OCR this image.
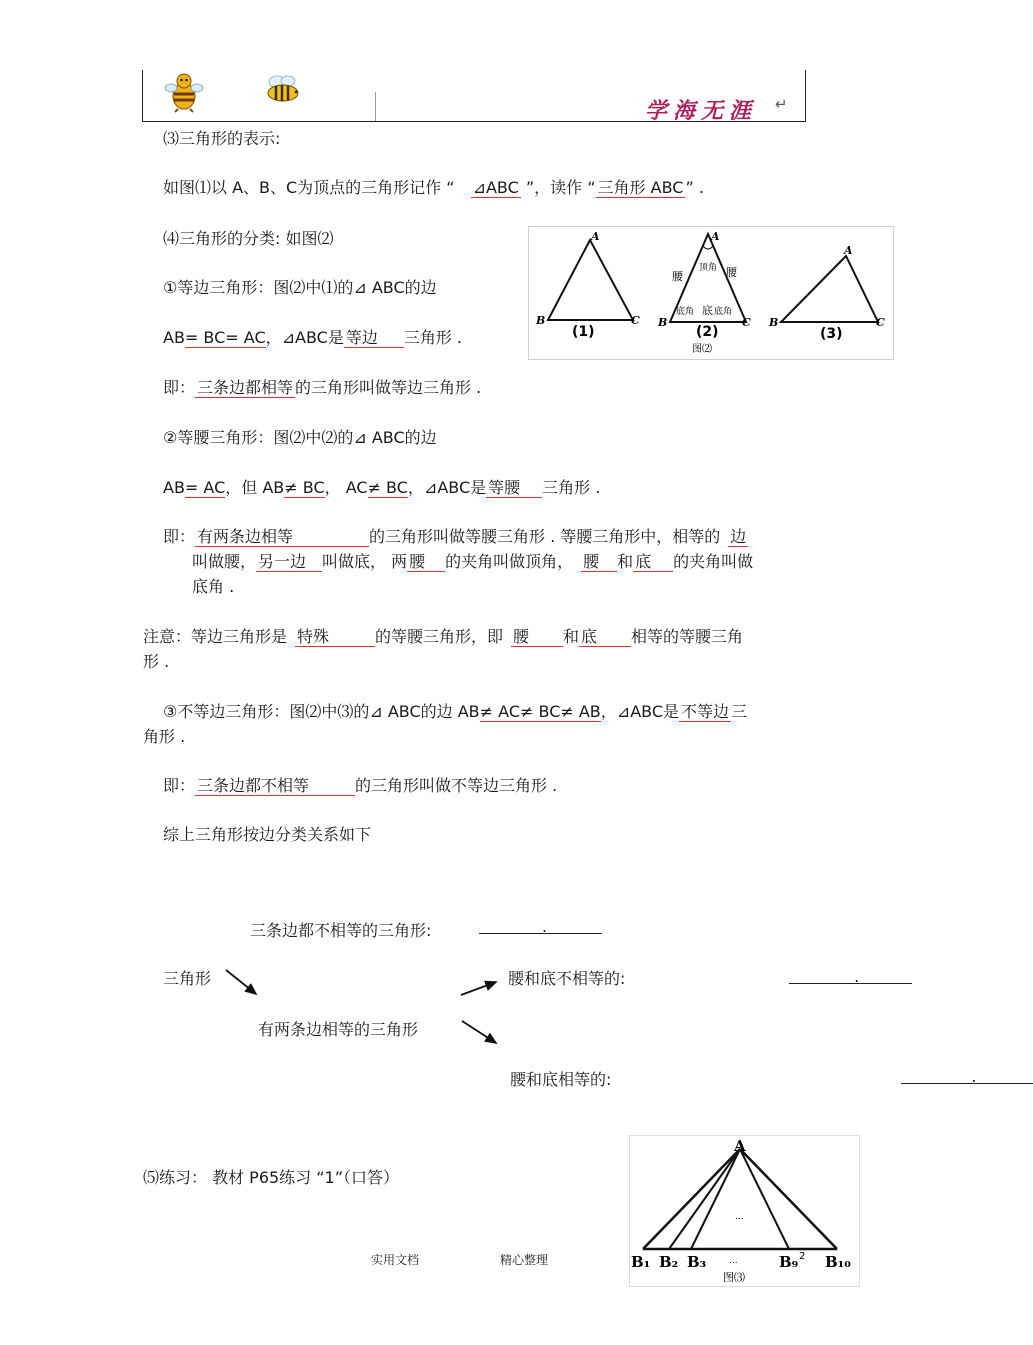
学海无涯 ↵
⑶三角形的表示:
如图⑴以 A、B、C为顶点的三角形记作 “ ⊿ABC ”，读作 “ 三角形 ABC ” .
⑷三角形的分类: 如图⑵
①等边三角形：图⑵中⑴的⊿ ABC的边
AB= BC= AC，⊿ABC是 等边 三角形 .
即： 三条边都相等 的三角形叫做等边三角形 .
②等腰三角形：图⑵中⑵的⊿ ABC的边
AB= AC，但 AB≠ BC， AC≠ BC，⊿ABC是 等腰 三角形 .
即： 有两条边相等	的三角形叫做等腰三角形 . 等腰三角形中，相等的 边
叫做腰， 另一边 叫做底， 两 腰 的夹角叫做顶角， 腰 和 底 的夹角叫做
底角 .
注意：等边三角形是 特殊	的等腰三角形，即 腰 和 底 相等的等腰三角
形 .
③不等边三角形：图⑵中⑶的⊿ ABC的边 AB≠ AC≠ BC≠ AB，⊿ABC是 不等边 三
角形 .
即： 三条边都不相等	的三角形叫做不等边三角形 .
综上三角形按边分类关系如下
三条边都不相等的三角形:	.

三角形
有两条边相等的三角形
腰和底不相等的:	.

腰和底相等的:	.
A
B	C
(1)
A
顶角
腰	腰
底角 底 底角
B	C
(2)
图⑵
A
B	C
(3)
⑸练习： 教材 P65练习 “1”（口答）
A
...
...
B₁ B₂ B₃	B₉ 2 B₁₀
图⑶
实用文档	精心整理
